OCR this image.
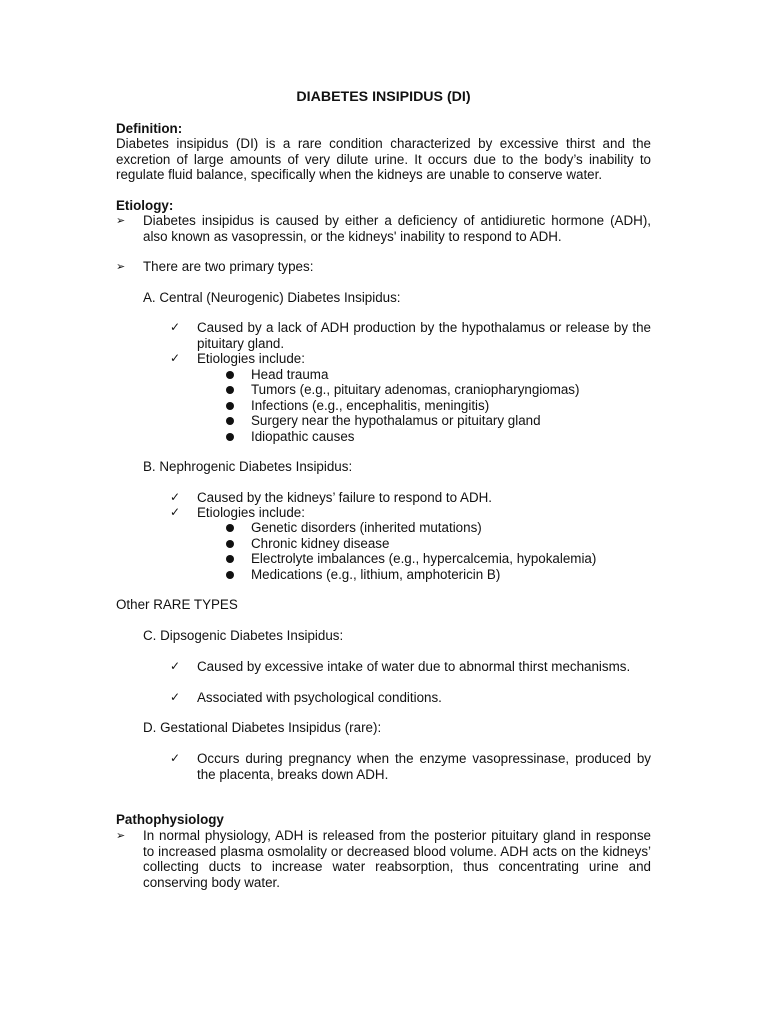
DIABETES INSIPIDUS (DI)
Definition:
Diabetes insipidus (DI) is a rare condition characterized by excessive thirst and the excretion of large amounts of very dilute urine. It occurs due to the body’s inability to regulate fluid balance, specifically when the kidneys are unable to conserve water.
Etiology:
➢ Diabetes insipidus is caused by either a deficiency of antidiuretic hormone (ADH), also known as vasopressin, or the kidneys' inability to respond to ADH.
➢ There are two primary types:
A. Central (Neurogenic) Diabetes Insipidus:
✓ Caused by a lack of ADH production by the hypothalamus or release by the pituitary gland.
✓ Etiologies include:
Head trauma
Tumors (e.g., pituitary adenomas, craniopharyngiomas)
Infections (e.g., encephalitis, meningitis)
Surgery near the hypothalamus or pituitary gland
Idiopathic causes
B. Nephrogenic Diabetes Insipidus:
✓ Caused by the kidneys’ failure to respond to ADH.
✓ Etiologies include:
Genetic disorders (inherited mutations)
Chronic kidney disease
Electrolyte imbalances (e.g., hypercalcemia, hypokalemia)
Medications (e.g., lithium, amphotericin B)
Other RARE TYPES
C. Dipsogenic Diabetes Insipidus:
✓ Caused by excessive intake of water due to abnormal thirst mechanisms.
✓ Associated with psychological conditions.
D. Gestational Diabetes Insipidus (rare):
✓ Occurs during pregnancy when the enzyme vasopressinase, produced by the placenta, breaks down ADH.
Pathophysiology
➢ In normal physiology, ADH is released from the posterior pituitary gland in response to increased plasma osmolality or decreased blood volume. ADH acts on the kidneys’ collecting ducts to increase water reabsorption, thus concentrating urine and conserving body water.
